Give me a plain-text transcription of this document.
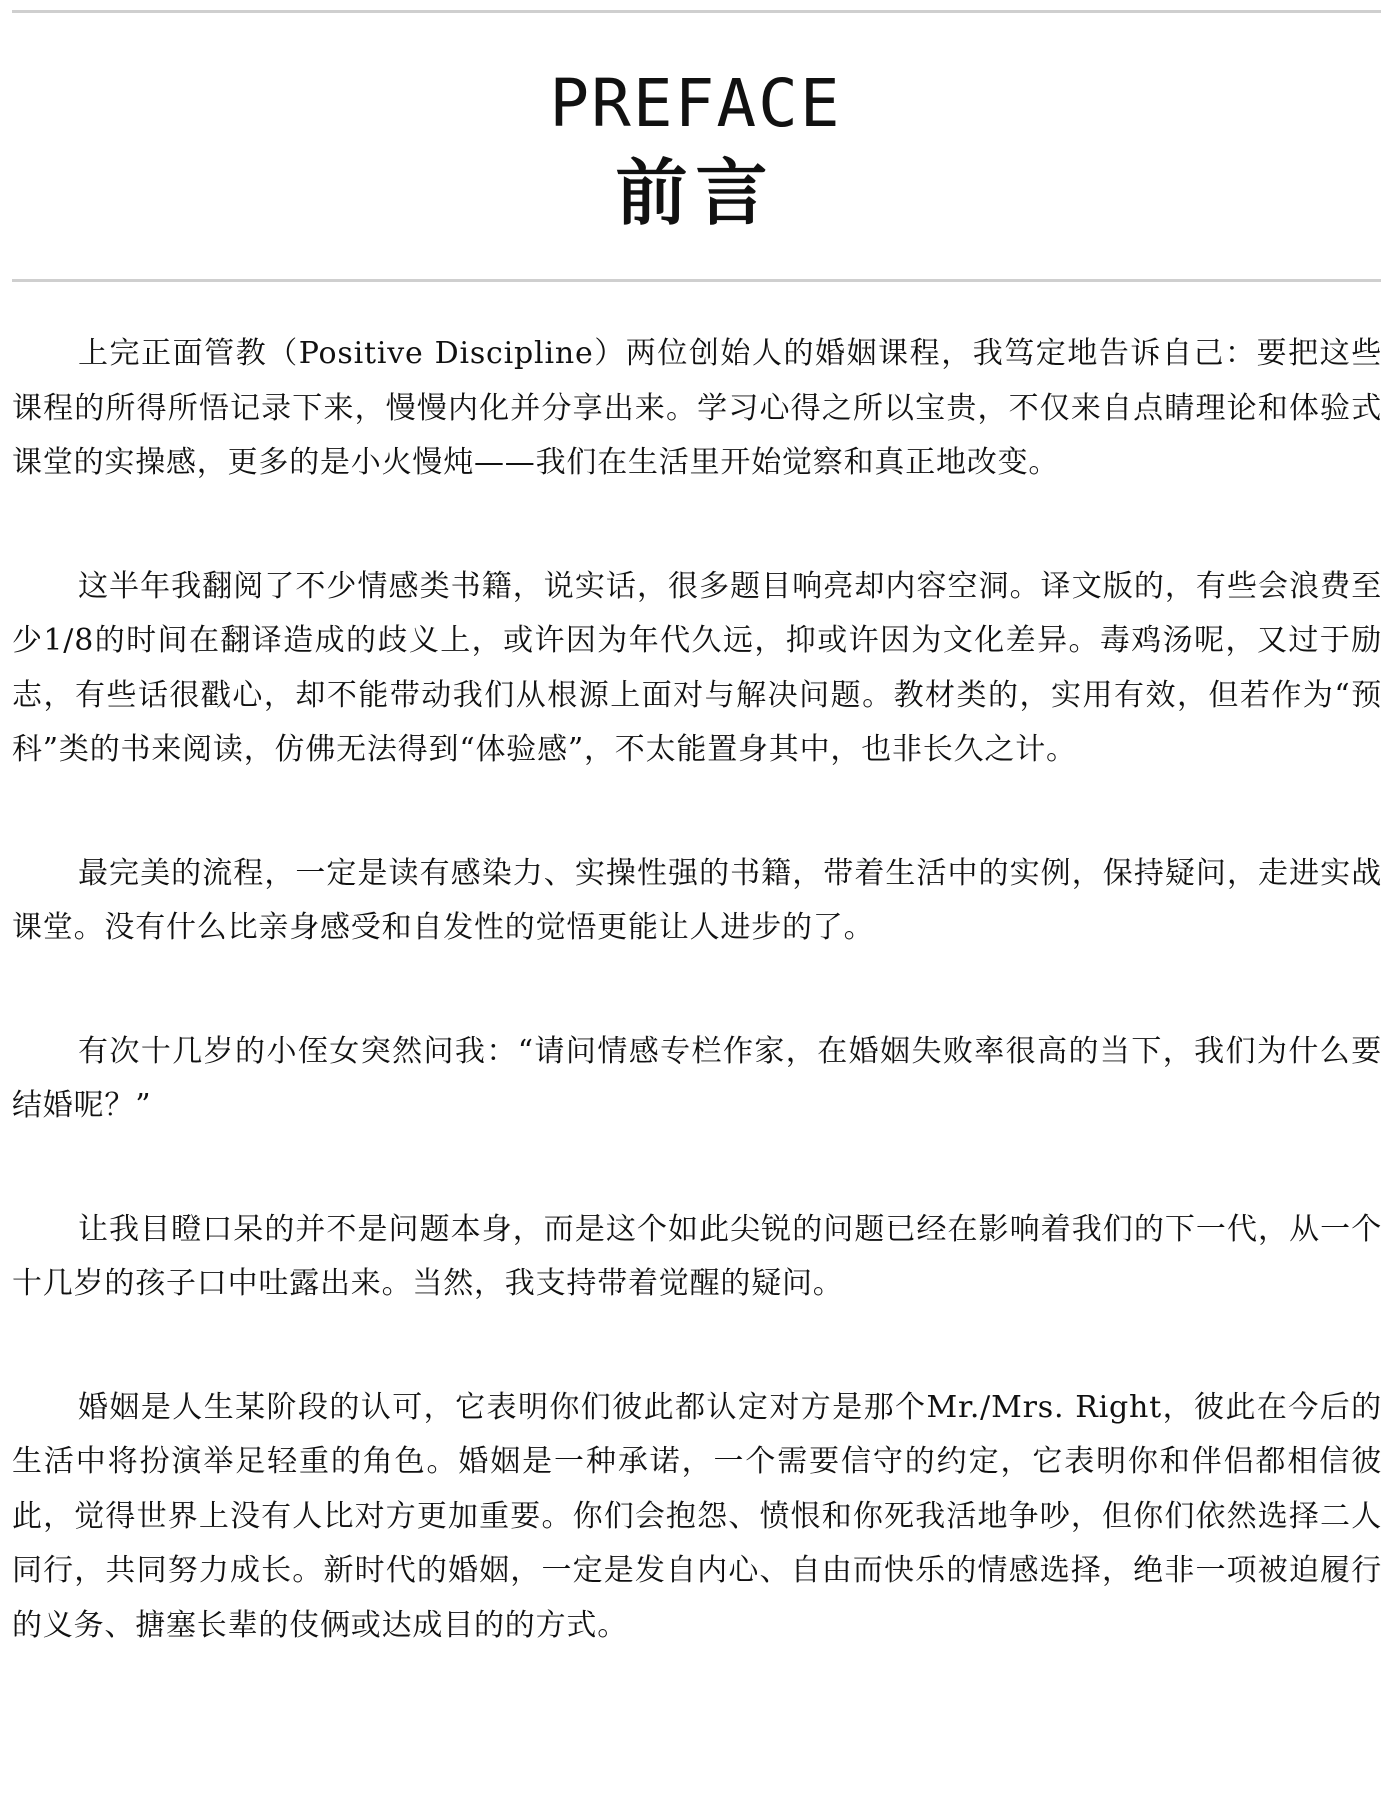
PREFACE
前言

上完正面管教（Positive Discipline）两位创始人的婚姻课程，我笃定地告诉自己：要把这些课程的所得所悟记录下来，慢慢内化并分享出来。学习心得之所以宝贵，不仅来自点睛理论和体验式课堂的实操感，更多的是小火慢炖——我们在生活里开始觉察和真正地改变。

这半年我翻阅了不少情感类书籍，说实话，很多题目响亮却内容空洞。译文版的，有些会浪费至少1/8的时间在翻译造成的歧义上，或许因为年代久远，抑或许因为文化差异。毒鸡汤呢，又过于励志，有些话很戳心，却不能带动我们从根源上面对与解决问题。教材类的，实用有效，但若作为“预科”类的书来阅读，仿佛无法得到“体验感”，不太能置身其中，也非长久之计。

最完美的流程，一定是读有感染力、实操性强的书籍，带着生活中的实例，保持疑问，走进实战课堂。没有什么比亲身感受和自发性的觉悟更能让人进步的了。

有次十几岁的小侄女突然问我：“请问情感专栏作家，在婚姻失败率很高的当下，我们为什么要结婚呢？”

让我目瞪口呆的并不是问题本身，而是这个如此尖锐的问题已经在影响着我们的下一代，从一个十几岁的孩子口中吐露出来。当然，我支持带着觉醒的疑问。

婚姻是人生某阶段的认可，它表明你们彼此都认定对方是那个Mr./Mrs. Right，彼此在今后的生活中将扮演举足轻重的角色。婚姻是一种承诺，一个需要信守的约定，它表明你和伴侣都相信彼此，觉得世界上没有人比对方更加重要。你们会抱怨、愤恨和你死我活地争吵，但你们依然选择二人同行，共同努力成长。新时代的婚姻，一定是发自内心、自由而快乐的情感选择，绝非一项被迫履行的义务、搪塞长辈的伎俩或达成目的的方式。
